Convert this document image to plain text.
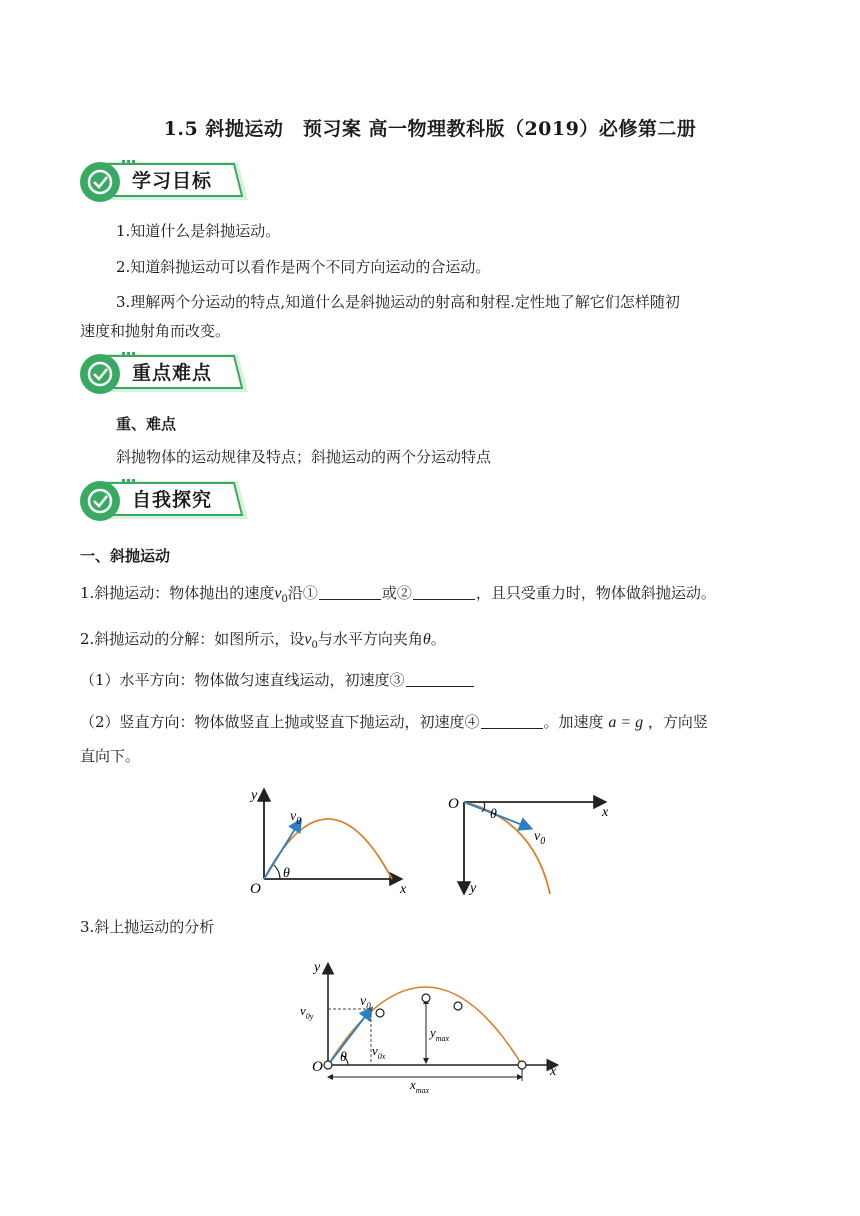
1.5 斜抛运动　预习案 高一物理教科版（2019）必修第二册
学习目标
1.知道什么是斜抛运动。
2.知道斜抛运动可以看作是两个不同方向运动的合运动。
3.理解两个分运动的特点,知道什么是斜抛运动的射高和射程.定性地了解它们怎样随初
速度和抛射角而改变。
重点难点
重、难点
斜抛物体的运动规律及特点；斜抛运动的两个分运动特点
自我探究
一、斜抛运动
1.斜抛运动：物体抛出的速度$v_0$沿①	或②	，且只受重力时，物体做斜抛运动。
2.斜抛运动的分解：如图所示，设$v_0$与水平方向夹角θ。
（1）水平方向：物体做匀速直线运动，初速度③
（2）竖直方向：物体做竖直上抛或竖直下抛运动，初速度④	。加速度 a = g ，方向竖
直向下。
y
x
O
$v_0$
θ
O
x
y
$v_0$
θ
3.斜上抛运动的分析
y
x
O
$v_0$
θ
$v_{0y}$
$v_{0x}$
$y_{max}$
$x_{max}$
